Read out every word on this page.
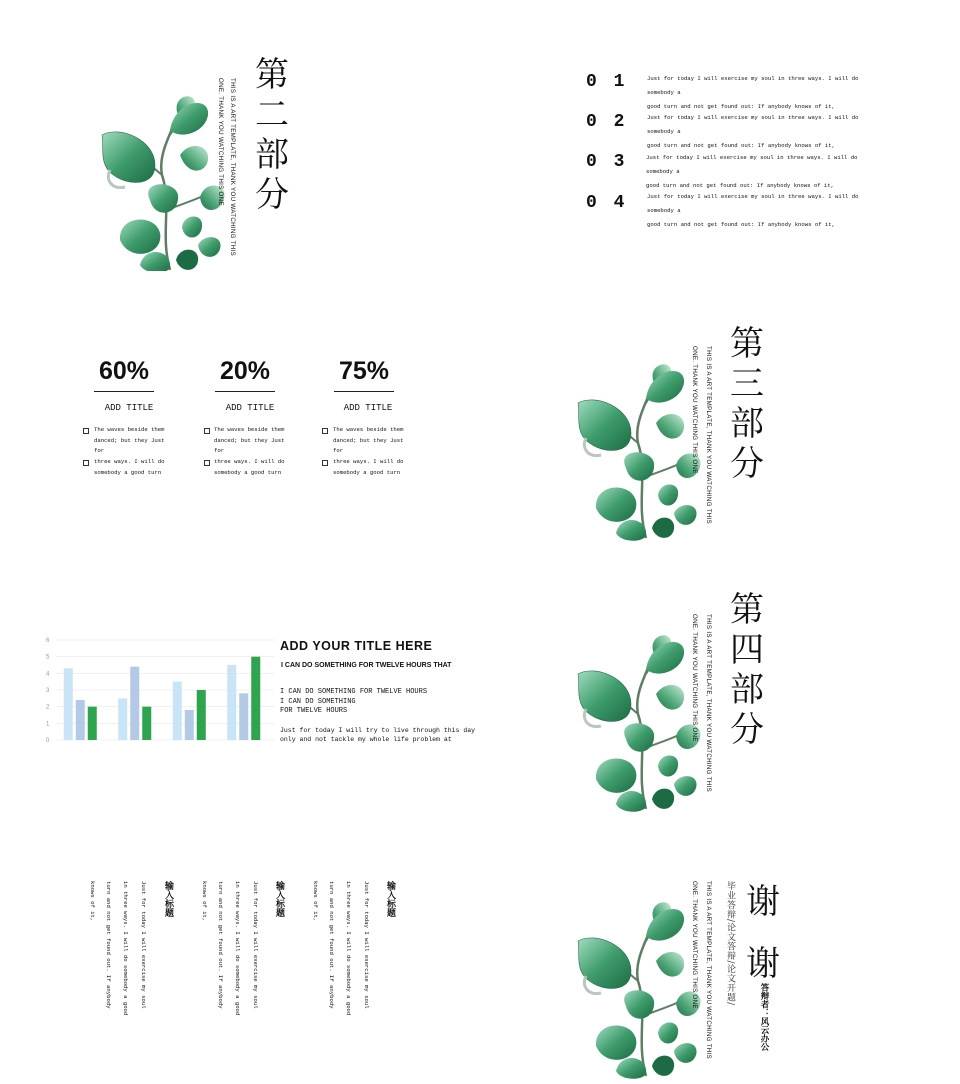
ONE. THANK YOU WATCHING THIS ONE THIS IS A ART TEMPLATE, THANK YOU WATCHING THIS
第
二
部
分
0 1	Just for today I will exercise my soul in three ways. I will do somebody a
good turn and not get found out: If anybody knows of it,
0 2	Just for today I will exercise my soul in three ways. I will do somebody a
good turn and not get found out: If anybody knows of it,
0 3	Just for today I will exercise my soul in three ways. I will do somebody a
good turn and not get found out: If anybody knows of it,
0 4	Just for today I will exercise my soul in three ways. I will do somebody a
good turn and not get found out: If anybody knows of it,
60%
ADD TITLE
The waves beside them danced; but they Just for
three ways. I will do somebody a good turn
20%
ADD TITLE
The waves beside them danced; but they Just for
three ways. I will do somebody a good turn
75%
ADD TITLE
The waves beside them danced; but they Just for
three ways. I will do somebody a good turn	ONE. THANK YOU WATCHING THIS ONE THIS IS A ART TEMPLATE, THANK YOU WATCHING THIS
第
三
部
分
0
1
2
3
4
5
6	ADD YOUR TITLE HERE
I CAN DO SOMETHING FOR TWELVE HOURS THAT
I CAN DO SOMETHING FOR TWELVE HOURS
I CAN DO SOMETHING
FOR TWELVE HOURS
Just for today I will try to live through this day
only and not tackle my whole life problem at	ONE. THANK YOU WATCHING THIS ONE THIS IS A ART TEMPLATE, THANK YOU WATCHING THIS
第
四
部
分
knows of it,	turn and not get found out. If anybody	in three ways. I will do somebody a good	Just for today I will exercise my soul 输入标题	knows of it,	turn and not get found out. If anybody	in three ways. I will do somebody a good	Just for today I will exercise my soul 输入标题	knows of it,	turn and not get found out. If anybody	in three ways. I will do somebody a good	Just for today I will exercise my soul 输入标题	ONE. THANK YOU WATCHING THIS ONE THIS IS A ART TEMPLATE, THANK YOU WATCHING THIS 毕业答辩/论文答辩/论文开题/ 谢
谢
答辩者：风云办公
